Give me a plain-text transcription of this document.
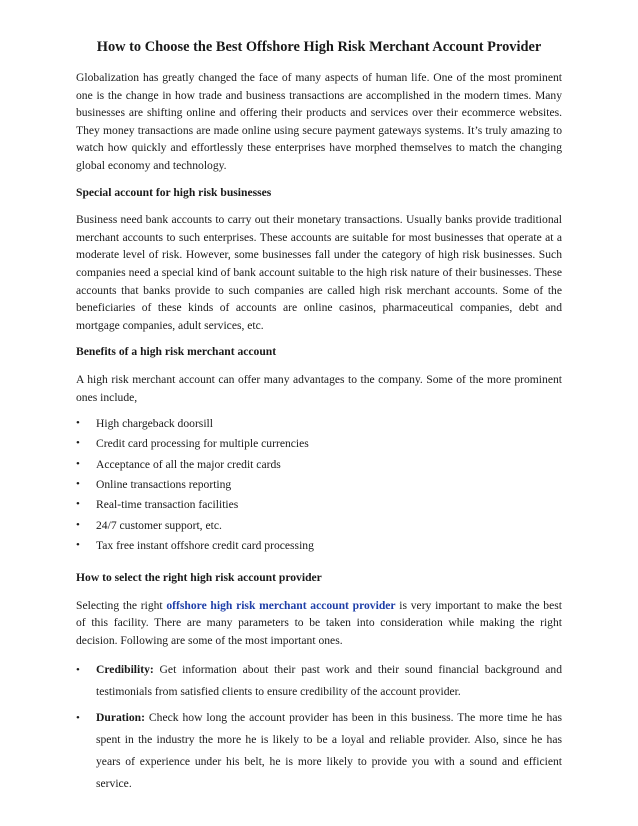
How to Choose the Best Offshore High Risk Merchant Account Provider

Globalization has greatly changed the face of many aspects of human life. One of the most prominent one is the change in how trade and business transactions are accomplished in the modern times. Many businesses are shifting online and offering their products and services over their ecommerce websites. They money transactions are made online using secure payment gateways systems. It’s truly amazing to watch how quickly and effortlessly these enterprises have morphed themselves to match the changing global economy and technology.

Special account for high risk businesses

Business need bank accounts to carry out their monetary transactions. Usually banks provide traditional merchant accounts to such enterprises. These accounts are suitable for most businesses that operate at a moderate level of risk. However, some businesses fall under the category of high risk businesses. Such companies need a special kind of bank account suitable to the high risk nature of their businesses. These accounts that banks provide to such companies are called high risk merchant accounts. Some of the beneficiaries of these kinds of accounts are online casinos, pharmaceutical companies, debt and mortgage companies, adult services, etc.

Benefits of a high risk merchant account

A high risk merchant account can offer many advantages to the company. Some of the more prominent ones include,

• High chargeback doorsill
• Credit card processing for multiple currencies
• Acceptance of all the major credit cards
• Online transactions reporting
• Real-time transaction facilities
• 24/7 customer support, etc.
• Tax free instant offshore credit card processing

How to select the right high risk account provider

Selecting the right offshore high risk merchant account provider is very important to make the best of this facility. There are many parameters to be taken into consideration while making the right decision. Following are some of the most important ones.

• Credibility: Get information about their past work and their sound financial background and testimonials from satisfied clients to ensure credibility of the account provider.
• Duration: Check how long the account provider has been in this business. The more time he has spent in the industry the more he is likely to be a loyal and reliable provider. Also, since he has years of experience under his belt, he is more likely to provide you with a sound and efficient service.
